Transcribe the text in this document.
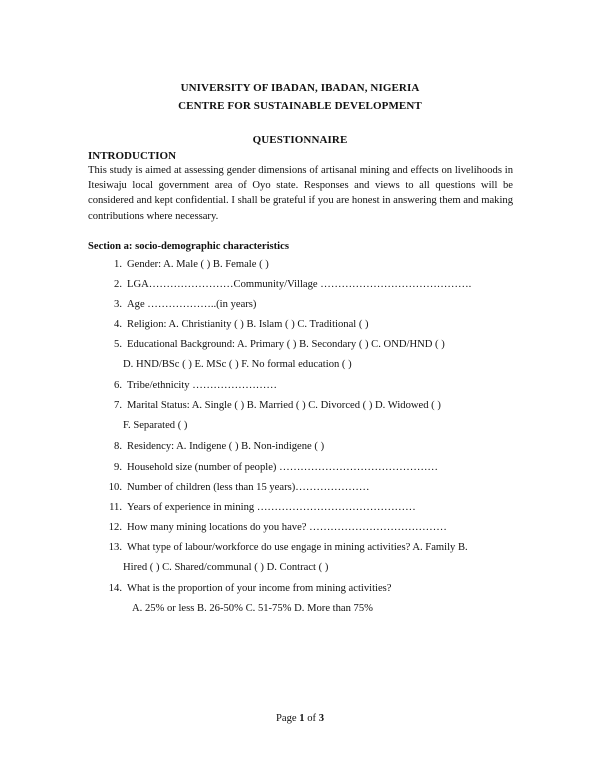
UNIVERSITY OF IBADAN, IBADAN, NIGERIA
CENTRE FOR SUSTAINABLE DEVELOPMENT
QUESTIONNAIRE
INTRODUCTION
This study is aimed at assessing gender dimensions of artisanal mining and effects on livelihoods in Itesiwaju local government area of Oyo state. Responses and views to all questions will be considered and kept confidential. I shall be grateful if you are honest in answering them and making contributions where necessary.
Section a: socio-demographic characteristics
1. Gender: A. Male ( ) B. Female ( )
2. LGA……………………Community/Village …………………………………….
3. Age ………………..(in years)
4. Religion: A. Christianity ( ) B. Islam ( ) C. Traditional ( )
5. Educational Background: A. Primary ( ) B. Secondary ( ) C. OND/HND ( )
D. HND/BSc ( ) E. MSc ( ) F. No formal education ( )
6. Tribe/ethnicity ……………………
7. Marital Status: A. Single ( ) B. Married ( ) C. Divorced ( ) D. Widowed ( )
F. Separated ( )
8. Residency: A. Indigene ( ) B. Non-indigene ( )
9. Household size (number of people) ………………………………………
10. Number of children (less than 15 years)…………………
11. Years of experience in mining ………………………………………
12. How many mining locations do you have? …………………………………
13. What type of labour/workforce do use engage in mining activities? A. Family B.
Hired ( ) C. Shared/communal ( ) D. Contract ( )
14. What is the proportion of your income from mining activities?
A. 25% or less B. 26-50% C. 51-75% D. More than 75%
Page 1 of 3
